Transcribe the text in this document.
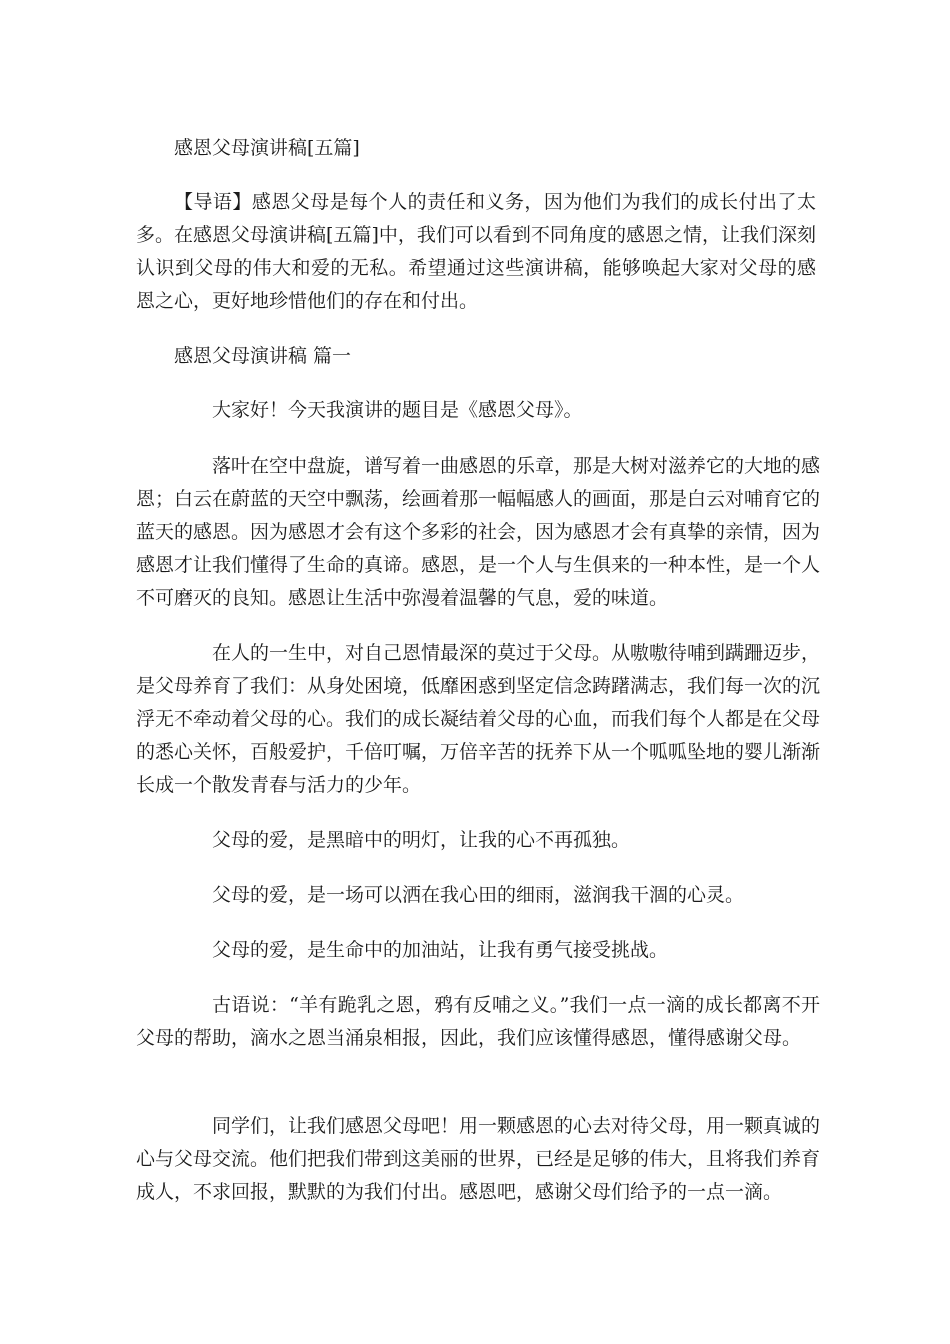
感恩父母演讲稿[五篇]

【导语】感恩父母是每个人的责任和义务，因为他们为我们的成长付出了太多。在感恩父母演讲稿[五篇]中，我们可以看到不同角度的感恩之情，让我们深刻认识到父母的伟大和爱的无私。希望通过这些演讲稿，能够唤起大家对父母的感恩之心，更好地珍惜他们的存在和付出。

感恩父母演讲稿 篇一

大家好！今天我演讲的题目是《感恩父母》。

落叶在空中盘旋，谱写着一曲感恩的乐章，那是大树对滋养它的大地的感恩；白云在蔚蓝的天空中飘荡，绘画着那一幅幅感人的画面，那是白云对哺育它的蓝天的感恩。因为感恩才会有这个多彩的社会，因为感恩才会有真挚的亲情，因为感恩才让我们懂得了生命的真谛。感恩，是一个人与生俱来的一种本性，是一个人不可磨灭的良知。感恩让生活中弥漫着温馨的气息，爱的味道。

在人的一生中，对自己恩情最深的莫过于父母。从嗷嗷待哺到蹒跚迈步，是父母养育了我们：从身处困境，低靡困惑到坚定信念踌躇满志，我们每一次的沉浮无不牵动着父母的心。我们的成长凝结着父母的心血，而我们每个人都是在父母的悉心关怀，百般爱护，千倍叮嘱，万倍辛苦的抚养下从一个呱呱坠地的婴儿渐渐长成一个散发青春与活力的少年。

父母的爱，是黑暗中的明灯，让我的心不再孤独。

父母的爱，是一场可以洒在我心田的细雨，滋润我干涸的心灵。

父母的爱，是生命中的加油站，让我有勇气接受挑战。

古语说：“羊有跪乳之恩，鸦有反哺之义。”我们一点一滴的成长都离不开父母的帮助，滴水之恩当涌泉相报，因此，我们应该懂得感恩，懂得感谢父母。

同学们，让我们感恩父母吧！用一颗感恩的心去对待父母，用一颗真诚的心与父母交流。他们把我们带到这美丽的世界，已经是足够的伟大，且将我们养育成人，不求回报，默默的为我们付出。感恩吧，感谢父母们给予的一点一滴。
